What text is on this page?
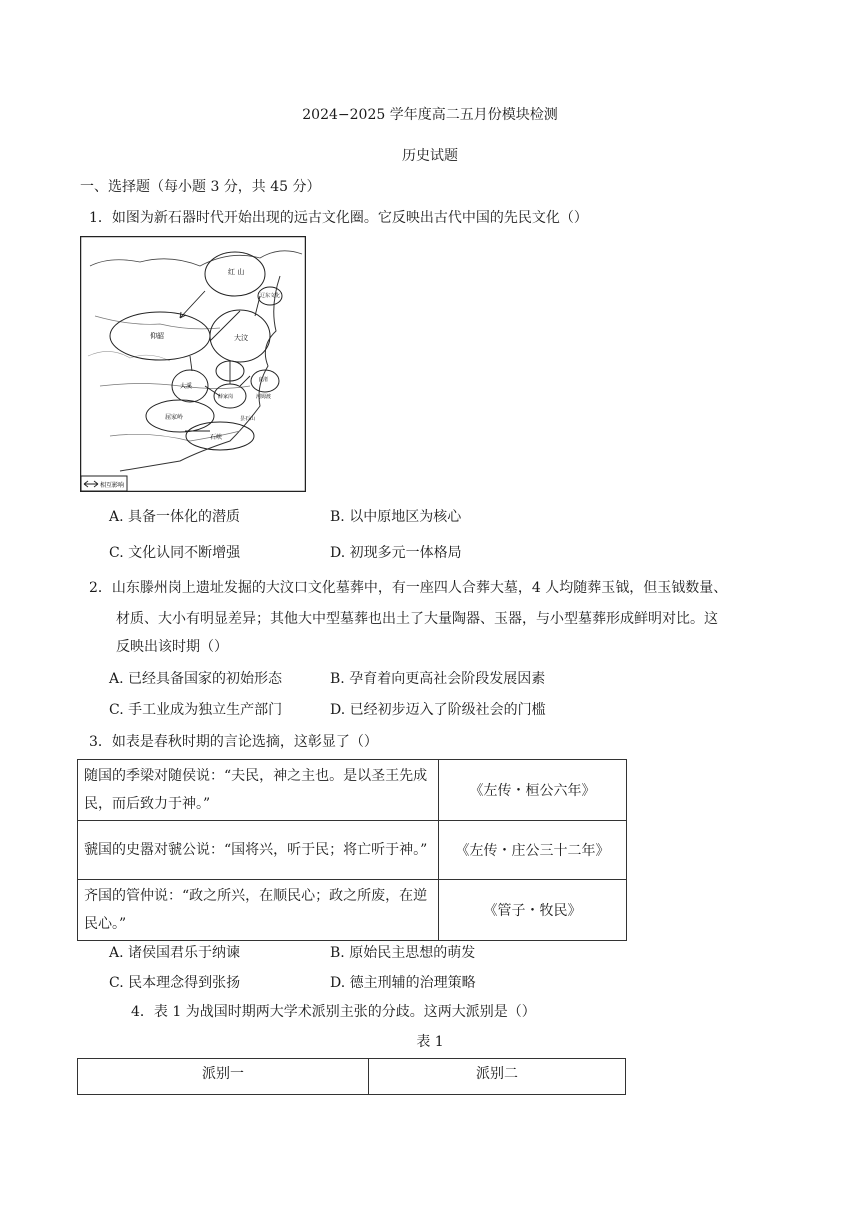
2024−2025 学年度高二五月份模块检测
历史试题
一、选择题（每小题 3 分，共 45 分）
1．如图为新石器时代开始出现的远古文化圈。它反映出古代中国的先民文化（）
红 山
辽东文化
大汶
仰韶
大溪
屈家岭
良渚
河姆渡
石峡
昙石山
薛家岗
相互影响
A. 具备一体化的潜质	B. 以中原地区为核心
C. 文化认同不断增强	D. 初现多元一体格局
2．山东滕州岗上遗址发掘的大汶口文化墓葬中，有一座四人合葬大墓，4 人均随葬玉钺，但玉钺数量、
材质、大小有明显差异；其他大中型墓葬也出土了大量陶器、玉器，与小型墓葬形成鲜明对比。这
反映出该时期（）
A. 已经具备国家的初始形态	B. 孕育着向更高社会阶段发展因素
C. 手工业成为独立生产部门	D. 已经初步迈入了阶级社会的门槛
3．如表是春秋时期的言论选摘，这彰显了（）
随国的季梁对随侯说：“夫民，神之主也。是以圣王先成民，而后致力于神。”	《左传・桓公六年》
虢国的史嚣对虢公说：“国将兴，听于民；将亡听于神。”	《左传・庄公三十二年》
齐国的管仲说：“政之所兴，在顺民心；政之所废，在逆民心。”	《管子・牧民》
A. 诸侯国君乐于纳谏	B. 原始民主思想的萌发
C. 民本理念得到张扬	D. 德主刑辅的治理策略
4．表 1 为战国时期两大学术派别主张的分歧。这两大派别是（）
表 1
派别一	派别二
